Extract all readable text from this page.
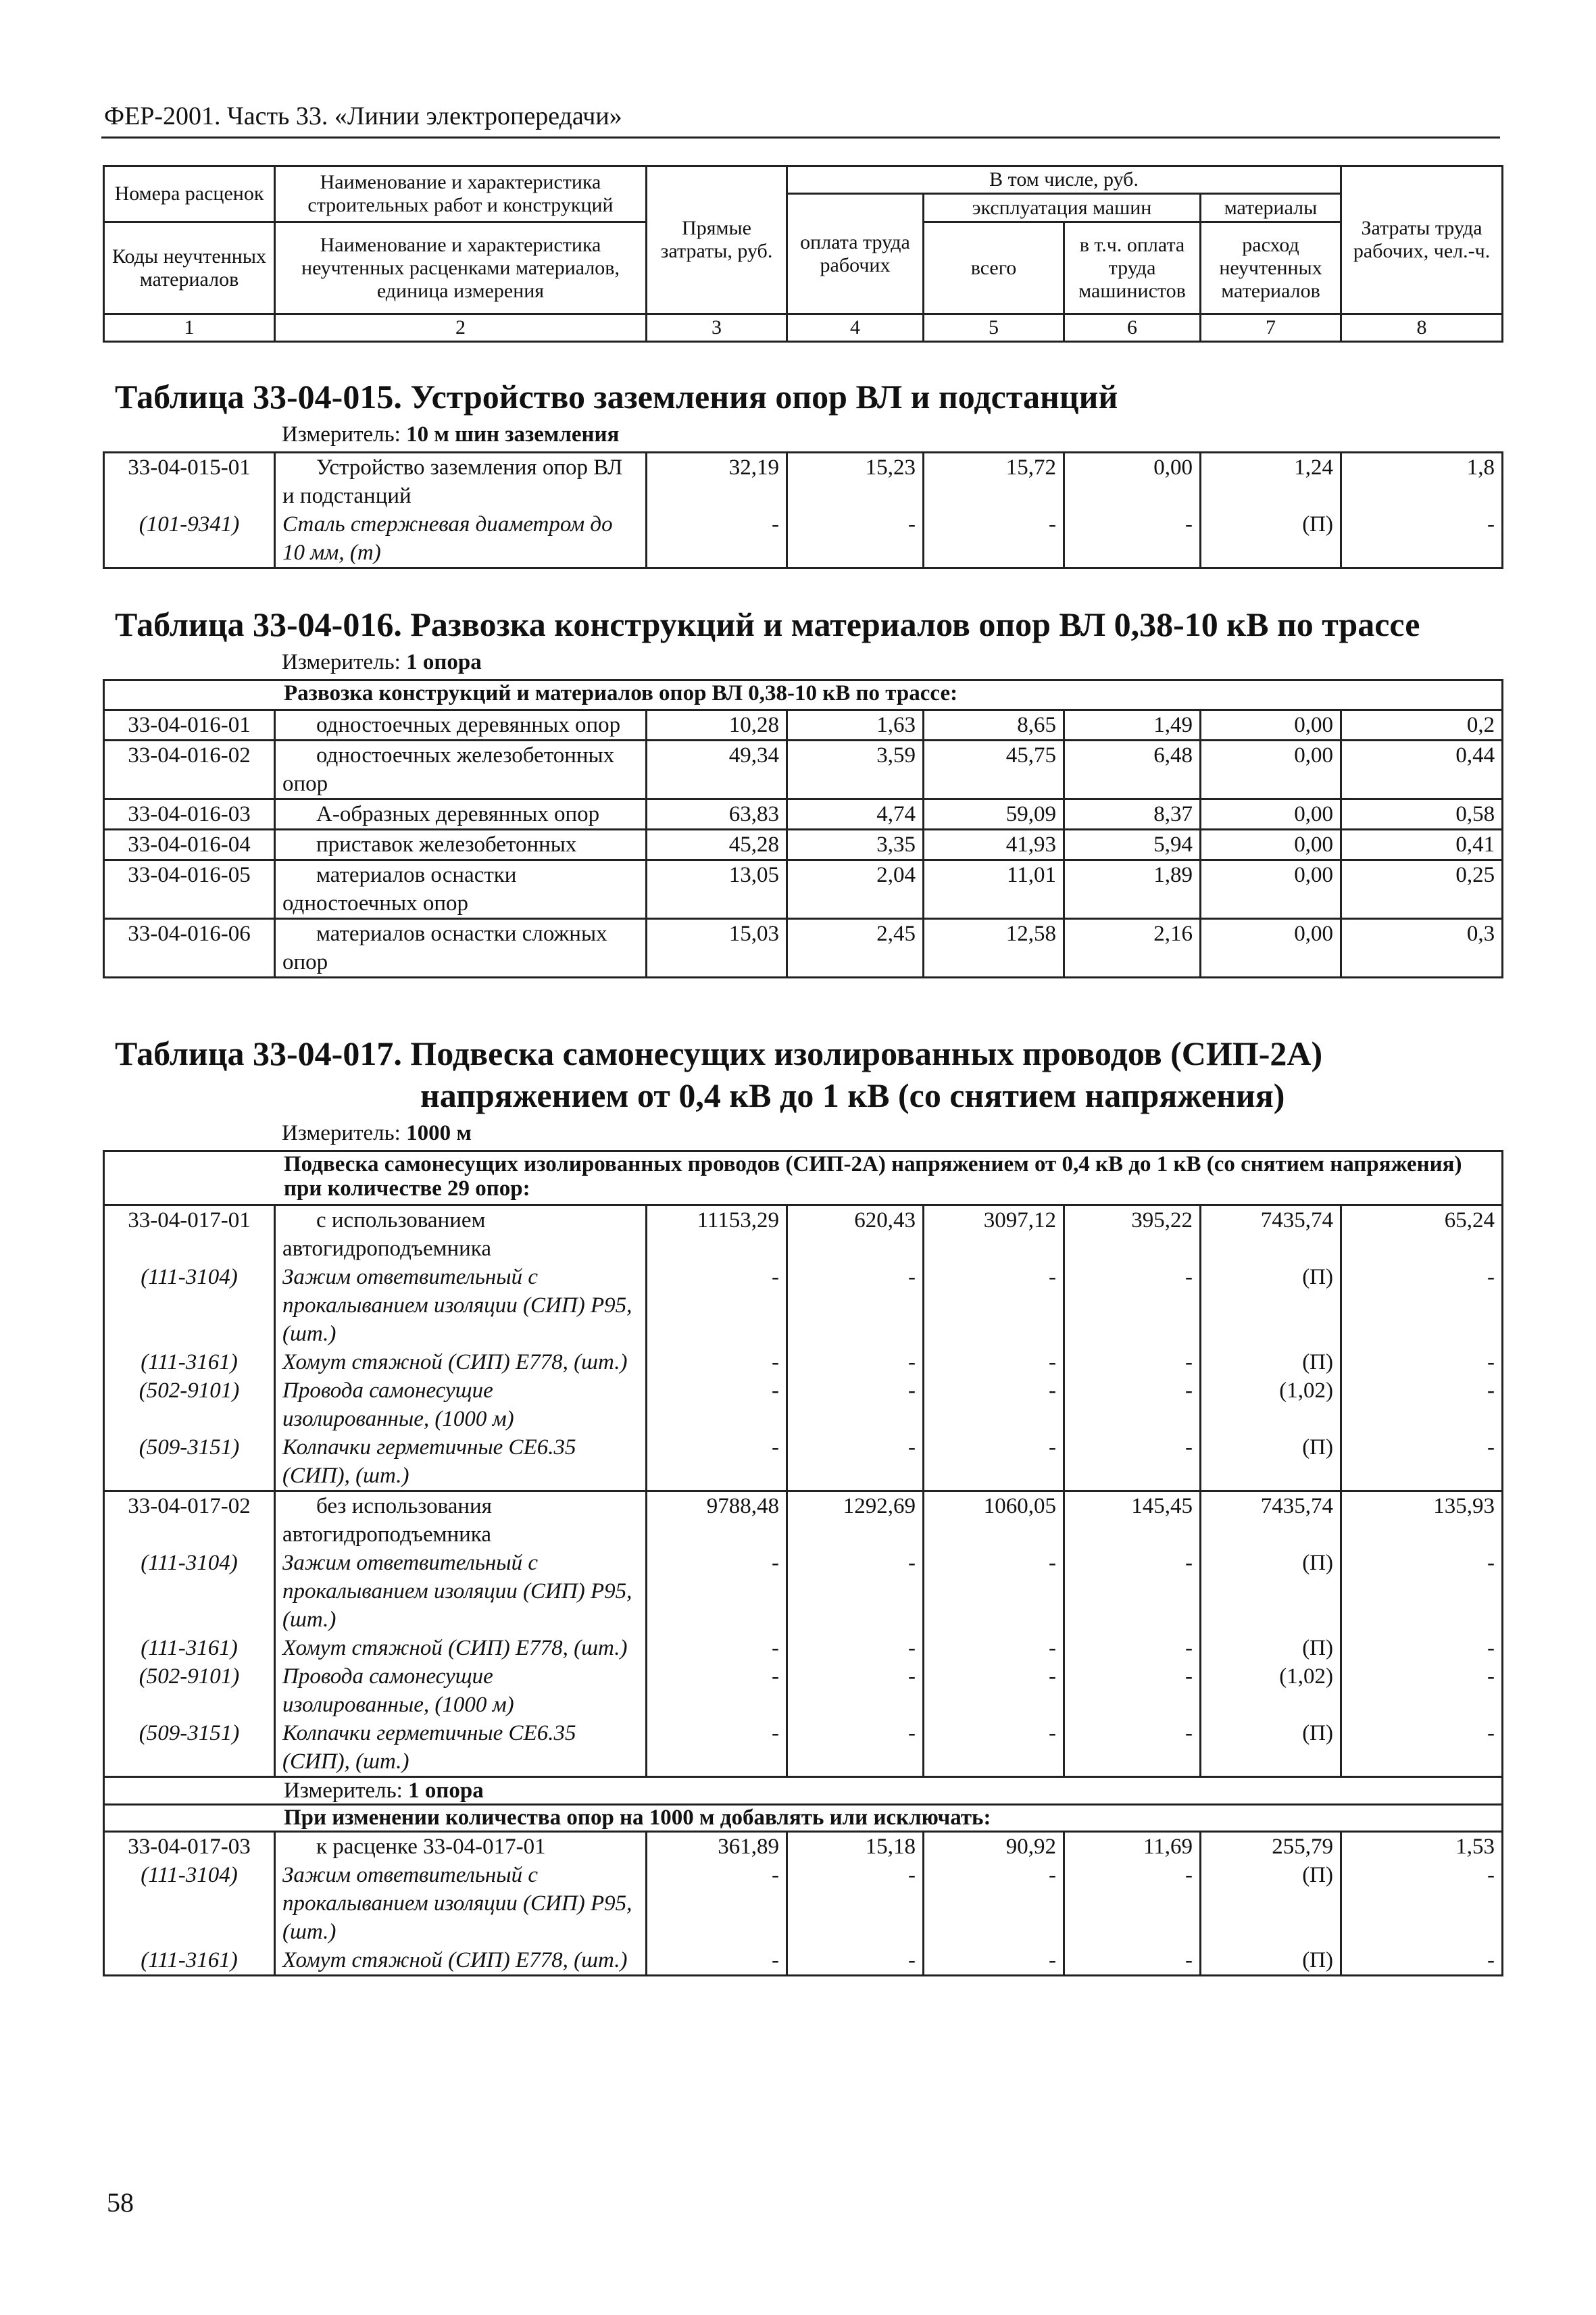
ФЕР-2001. Часть 33. «Линии электропередачи»
Номера расценок	Наименование и характеристика строительных работ и конструкций	Прямые затраты, руб.	В том числе, руб.				Затраты труда рабочих, чел.-ч.
			оплата труда рабочих	эксплуатация машин		материалы	
Коды неучтенных материалов	Наименование и характеристика неучтенных расценками материалов, единица измерения			всего	в т.ч. оплата труда машинистов	расход неучтенных материалов	

1	2	3	4	5	6	7	8
Таблица 33-04-015. Устройство заземления опор ВЛ и подстанций
Измеритель: 10 м шин заземления
33-04-015-01	Устройство заземления опор ВЛ и подстанций	32,19	15,23	15,72	0,00	1,24	1,8
(101-9341)	Сталь стержневая диаметром до 10 мм, (т)	-	-	-	-	(П)	-
Таблица 33-04-016. Развозка конструкций и материалов опор ВЛ 0,38-10 кВ по трассе
Измеритель: 1 опора
Развозка конструкций и материалов опор ВЛ 0,38-10 кВ по трассе:							
33-04-016-01	одностоечных деревянных опор	10,28	1,63	8,65	1,49	0,00	0,2
33-04-016-02	одностоечных железобетонных опор	49,34	3,59	45,75	6,48	0,00	0,44
33-04-016-03	А-образных деревянных опор	63,83	4,74	59,09	8,37	0,00	0,58
33-04-016-04	приставок железобетонных	45,28	3,35	41,93	5,94	0,00	0,41
33-04-016-05	материалов оснастки одностоечных опор	13,05	2,04	11,01	1,89	0,00	0,25
33-04-016-06	материалов оснастки сложных опор	15,03	2,45	12,58	2,16	0,00	0,3
Таблица 33-04-017. Подвеска самонесущих изолированных проводов (СИП-2А)
напряжением от 0,4 кВ до 1 кВ (со снятием напряжения)
Измеритель: 1000 м
Подвеска самонесущих изолированных проводов (СИП-2А) напряжением от 0,4 кВ до 1 кВ (со снятием напряжения) при количестве 29 опор:							
33-04-017-01	с использованием автогидроподъемника	11153,29	620,43	3097,12	395,22	7435,74	65,24
(111-3104)	Зажим ответвительный с прокалыванием изоляции (СИП) Р95, (шт.)	-	-	-	-	(П)	-
(111-3161)	Хомут стяжной (СИП) Е778, (шт.)	-	-	-	-	(П)	-
(502-9101)	Провода самонесущие изолированные, (1000 м)	-	-	-	-	(1,02)	-
(509-3151)	Колпачки герметичные СЕ6.35 (СИП), (шт.)	-	-	-	-	(П)	-
33-04-017-02	без использования автогидроподъемника	9788,48	1292,69	1060,05	145,45	7435,74	135,93
(111-3104)	Зажим ответвительный с прокалыванием изоляции (СИП) Р95, (шт.)	-	-	-	-	(П)	-
(111-3161)	Хомут стяжной (СИП) Е778, (шт.)	-	-	-	-	(П)	-
(502-9101)	Провода самонесущие изолированные, (1000 м)	-	-	-	-	(1,02)	-
(509-3151)	Колпачки герметичные СЕ6.35 (СИП), (шт.)	-	-	-	-	(П)	-
Измеритель: 1 опора							
При изменении количества опор на 1000 м добавлять или исключать:							
33-04-017-03	к расценке 33-04-017-01	361,89	15,18	90,92	11,69	255,79	1,53
(111-3104)	Зажим ответвительный с прокалыванием изоляции (СИП) Р95, (шт.)	-	-	-	-	(П)	-
(111-3161)	Хомут стяжной (СИП) Е778, (шт.)	-	-	-	-	(П)	-
58
